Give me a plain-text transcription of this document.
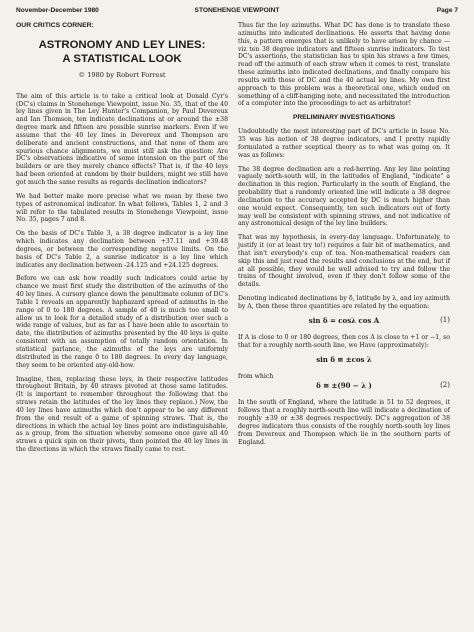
November-December 1980	STONEHENGE VIEWPOINT	Page 7
OUR CRITICS CORNER:
ASTRONOMY AND LEY LINES:
A STATISTICAL LOOK
© 1980 by Robert Forrest

The aim of this article is to take a critical look at Donald Cyr's (DC's) claims in Stonehenge Viewpoint, issue No. 35, that of the 40 ley lines given in The Ley Hunter's Companion, by Paul Devereux and Ian Thomson, ten indicate declinations at or around the ±38 degree mark and fifteen are possible sunrise markers. Even if we assume that the 40 ley lines in Devereux and Thompson are deliberate and ancient constructions, and that none of them are spurious chance alignments, we must still ask the question: Are DC's observations indicative of some intension on the part of the builders or are they merely chance effects? That is, if the 40 leys had been oriented at random by their builders, might we still have got much the same results as regards declination indicators?

We had better make more precise what we mean by these two types of astronomical indicator. In what follows, Tables 1, 2 and 3 will refer to the tabulated results in Stonehenge Viewpoint, issue No. 35, pages 7 and 8.

On the basis of DC's Table 3, a 38 degree indicator is a ley line which indicates any declination between +37.11 and +39.48 degrees, or between the corresponding negative limits. On the basis of DC's Table 2, a sunrise indicator is a ley line which indicates any declination between -24.125 and +24.125 degrees.

Before we can ask how readily such indicators could arise by chance we must first study the distribution of the azimuths of the 40 ley lines. A cursory glance down the penultimate column of DC's Table 1 reveals an apparently haphazard spread of azimuths in the range of 0 to 180 degrees. A sample of 40 is much too small to allow us to look for a detailed study of a distribution over such a wide range of values, but as far as I have been able to ascertain to date, the distribution of azimuths presented by the 40 leys is quite consistent with an assumption of totally random orientation. In statistical parlance, the azimuths of the leys are uniformly distributed in the range 0 to 180 degrees. In every day language, they seem to be oriented any-old-how.

Imagine, then, replacing these leys, in their respective latitudes throughout Britain, by 40 straws pivoted at those same latitudes. (It is important to remember throughout the following that the straws retain the latitudes of the ley lines they replace.) Now, the 40 ley lines have azimuths which don't appear to be any different from the end result of a game of spinning straws. That is, the directions in which the actual ley lines point are indistinguishable, as a group, from the situation whereby someone once gave all 40 straws a quick spin on their pivots, then pointed the 40 ley lines in the directions in which the straws finally came to rest.

Thus far the ley azimuths. What DC has done is to translate these azimuths into indicated declinations. He asserts that having done this, a pattern emerges that is unlikely to have arisen by chance — viz ten 38 degree indicators and fifteen sunrise indicators. To test DC's assertions, the statistician has to spin his straws a few times, read off the azimuth of each straw when it comes to rest, translate these azimuths into indicated declinations, and finally compare his results with those of DC and the 40 actual ley lines. My own first approach to this problem was a theoretical one, which ended on something of a cliff-hanging note, and necessitated the introduction of a computer into the proceedings to act as arbitrator!

PRELIMINARY INVESTIGATIONS

Undoubtedly the most interesting part of DC's article in Issue No. 35 was his notion of 38 degree indicators, and I pretty rapidly formulated a rather sceptical theory as to what was going on. It was as follows:

The 38 degree declination are a red-herring. Any ley line pointing vaguely north-south will, in the latitudes of England, "indicate" a declination in this region. Particularly in the south of England, the probability that a randomly oriented line will indicate a 38 degree declination to the accuracy accepted by DC is much higher than one would expect. Consequently, ten such indicators out of forty may well be consistent with spinning straws, and not indicative of any astronomical design of the ley line builders.

That was my hypothesis, in every-day language. Unfortunately, to justify it (or at least try to!) requires a fair bit of mathematics, and that isn't everybody's cup of tea. Non-mathematical readers can skip this and just read the results and conclusions at the end, but if at all possible, they would be well advised to try and follow the trains of thought involved, even if they don't follow some of the details.

Denoting indicated declinations by δ, latitude by λ, and ley azimuth by A, then these three quantities are related by the equation:

sin δ = cosλ cos A	(1)

If A is close to 0 or 180 degrees, then cos A is close to +1 or −1, so that for a roughly north-south line, we Have (approximately):

sin δ ≅ ±cos λ
from which
δ ≅ ±(90 − λ )	(2)

In the south of England, where the latitude is 51 to 52 degrees, it follows that a roughly north-south line will indicate a declination of roughly ±39 or ±38 degrees respectively. DC's aggregation of 38 degree indicators thus consists of the roughly north-south ley lines from Devereux and Thompson which lie in the southern parts of England.
